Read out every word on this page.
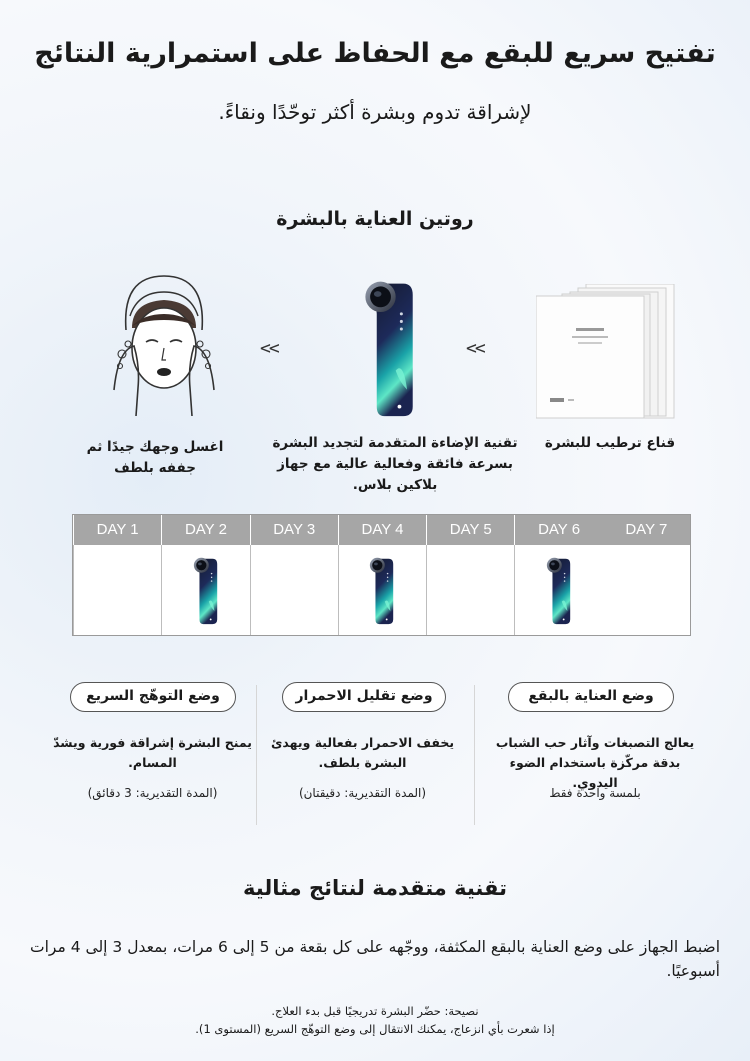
تفتيح سريع للبقع مع الحفاظ على استمرارية النتائج
لإشراقة تدوم وبشرة أكثر توحّدًا ونقاءً.
روتين العناية بالبشرة
>>	>>
اغسل وجهك جيدًا ثم جففه بلطف
تقنية الإضاءة المتقدمة لتجديد البشرة بسرعة فائقة وفعالية عالية مع جهاز بلاكين بلاس.
قناع ترطيب للبشرة
DAY 1	DAY 2	DAY 3	DAY 4	DAY 5	DAY 6	DAY 7
وضع العناية بالبقع
وضع تقليل الاحمرار
وضع التوهّج السريع
يعالج التصبغات وآثار حب الشباب بدقة مركّزة باستخدام الضوء اليدوي.
يخفف الاحمرار بفعالية ويهدئ البشرة بلطف.
يمنح البشرة إشراقة فورية ويشدّ المسام.
بلمسة واحدة فقط
(المدة التقديرية: دقيقتان)
(المدة التقديرية: 3 دقائق)
تقنية متقدمة لنتائج مثالية
اضبط الجهاز على وضع العناية بالبقع المكثفة، ووجّهه على كل بقعة من 5 إلى 6 مرات، بمعدل 3 إلى 4 مرات أسبوعيًا.
نصيحة: حضّر البشرة تدريجيًا قبل بدء العلاج.
إذا شعرت بأي انزعاج، يمكنك الانتقال إلى وضع التوهّج السريع (المستوى 1).
